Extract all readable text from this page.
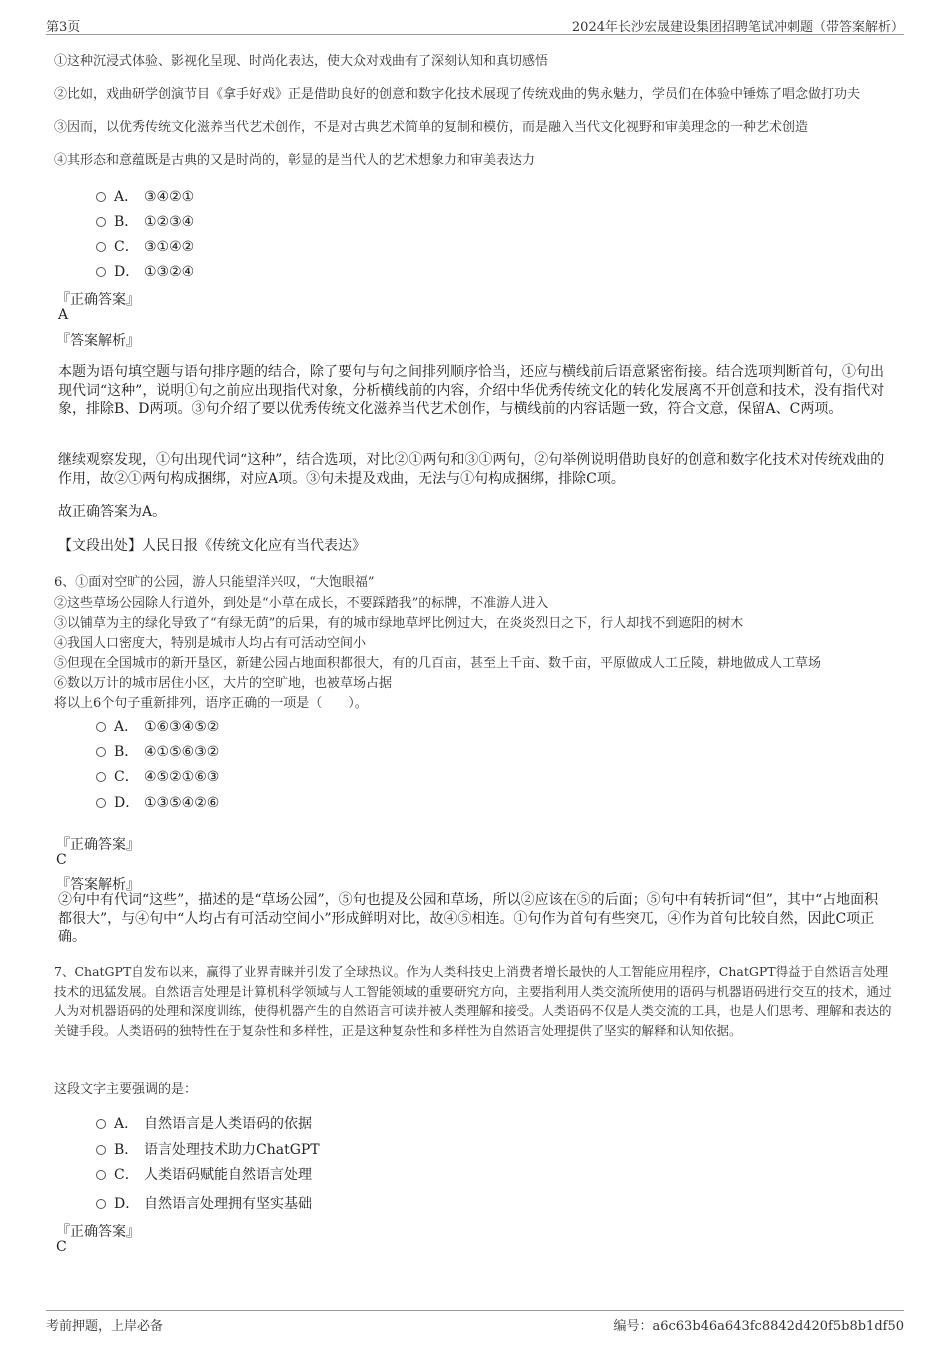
第3页	2024年长沙宏晟建设集团招聘笔试冲刺题（带答案解析）
①这种沉浸式体验、影视化呈现、时尚化表达，使大众对戏曲有了深刻认知和真切感悟
②比如，戏曲研学创演节目《拿手好戏》正是借助良好的创意和数字化技术展现了传统戏曲的隽永魅力，学员们在体验中锤炼了唱念做打功夫
③因而，以优秀传统文化滋养当代艺术创作，不是对古典艺术简单的复制和模仿，而是融入当代文化视野和审美理念的一种艺术创造
④其形态和意蕴既是古典的又是时尚的，彰显的是当代人的艺术想象力和审美表达力
A． ③④②①
B． ①②③④
C． ③①④②
D． ①③②④
『正确答案』
A
『答案解析』
本题为语句填空题与语句排序题的结合，除了要句与句之间排列顺序恰当，还应与横线前后语意紧密衔接。结合选项判断首句，①句出现代词“这种”，说明①句之前应出现指代对象，分析横线前的内容，介绍中华优秀传统文化的转化发展离不开创意和技术，没有指代对象，排除B、D两项。③句介绍了要以优秀传统文化滋养当代艺术创作，与横线前的内容话题一致，符合文意，保留A、C两项。
继续观察发现，①句出现代词“这种”，结合选项，对比②①两句和③①两句，②句举例说明借助良好的创意和数字化技术对传统戏曲的作用，故②①两句构成捆绑，对应A项。③句未提及戏曲，无法与①句构成捆绑，排除C项。
故正确答案为A。
【文段出处】人民日报《传统文化应有当代表达》
6、①面对空旷的公园，游人只能望洋兴叹，“大饱眼福”
②这些草场公园除人行道外，到处是“小草在成长，不要踩踏我”的标牌，不准游人进入
③以铺草为主的绿化导致了“有绿无荫”的后果，有的城市绿地草坪比例过大，在炎炎烈日之下，行人却找不到遮阳的树木
④我国人口密度大，特别是城市人均占有可活动空间小
⑤但现在全国城市的新开垦区，新建公园占地面积都很大，有的几百亩，甚至上千亩、数千亩，平原做成人工丘陵，耕地做成人工草场
⑥数以万计的城市居住小区，大片的空旷地，也被草场占据
将以上6个句子重新排列，语序正确的一项是（　　）。
A． ①⑥③④⑤②
B． ④①⑤⑥③②
C． ④⑤②①⑥③
D． ①③⑤④②⑥
『正确答案』
C
『答案解析』
②句中有代词“这些”，描述的是“草场公园”，⑤句也提及公园和草场，所以②应该在⑤的后面；⑤句中有转折词“但”，其中“占地面积都很大”，与④句中“人均占有可活动空间小”形成鲜明对比，故④⑤相连。①句作为首句有些突兀，④作为首句比较自然，因此C项正确。
7、ChatGPT自发布以来，赢得了业界青睐并引发了全球热议。作为人类科技史上消费者增长最快的人工智能应用程序，ChatGPT得益于自然语言处理技术的迅猛发展。自然语言处理是计算机科学领域与人工智能领域的重要研究方向，主要指利用人类交流所使用的语码与机器语码进行交互的技术，通过人为对机器语码的处理和深度训练，使得机器产生的自然语言可读并被人类理解和接受。人类语码不仅是人类交流的工具，也是人们思考、理解和表达的关键手段。人类语码的独特性在于复杂性和多样性，正是这种复杂性和多样性为自然语言处理提供了坚实的解释和认知依据。
这段文字主要强调的是：
A． 自然语言是人类语码的依据
B． 语言处理技术助力ChatGPT
C． 人类语码赋能自然语言处理
D． 自然语言处理拥有坚实基础
『正确答案』
C
考前押题，上岸必备	编号：a6c63b46a643fc8842d420f5b8b1df50
